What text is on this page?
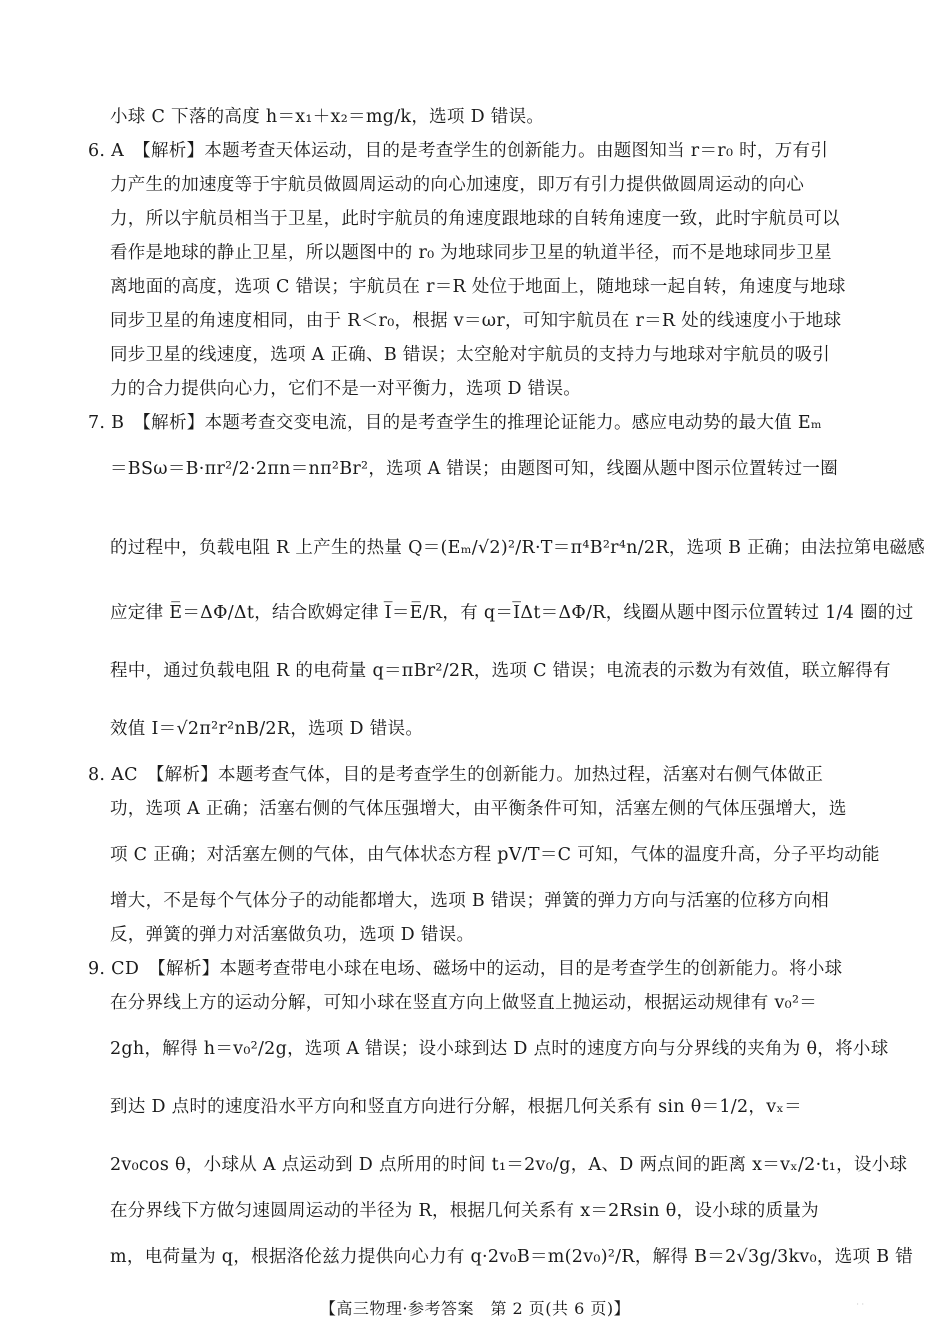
小球 C 下落的高度 h＝x₁＋x₂＝mg/k，选项 D 错误。
6. A　【解析】本题考查天体运动，目的是考查学生的创新能力。由题图知当 r＝r₀ 时，万有引
力产生的加速度等于宇航员做圆周运动的向心加速度，即万有引力提供做圆周运动的向心
力，所以宇航员相当于卫星，此时宇航员的角速度跟地球的自转角速度一致，此时宇航员可以
看作是地球的静止卫星，所以题图中的 r₀ 为地球同步卫星的轨道半径，而不是地球同步卫星
离地面的高度，选项 C 错误；宇航员在 r＝R 处位于地面上，随地球一起自转，角速度与地球
同步卫星的角速度相同，由于 R＜r₀，根据 v＝ωr，可知宇航员在 r＝R 处的线速度小于地球
同步卫星的线速度，选项 A 正确、B 错误；太空舱对宇航员的支持力与地球对宇航员的吸引
力的合力提供向心力，它们不是一对平衡力，选项 D 错误。
7. B　【解析】本题考查交变电流，目的是考查学生的推理论证能力。感应电动势的最大值 Eₘ
＝BSω＝B·πr²/2·2πn＝nπ²Br²，选项 A 错误；由题图可知，线圈从题中图示位置转过一圈
的过程中，负载电阻 R 上产生的热量 Q＝(Eₘ/√2)²/R·T＝π⁴B²r⁴n/2R，选项 B 正确；由法拉第电磁感
应定律 E̅＝ΔΦ/Δt，结合欧姆定律 I̅＝E̅/R，有 q＝I̅Δt＝ΔΦ/R，线圈从题中图示位置转过 1/4 圈的过
程中，通过负载电阻 R 的电荷量 q＝πBr²/2R，选项 C 错误；电流表的示数为有效值，联立解得有
效值 I＝√2π²r²nB/2R，选项 D 错误。
8. AC　【解析】本题考查气体，目的是考查学生的创新能力。加热过程，活塞对右侧气体做正
功，选项 A 正确；活塞右侧的气体压强增大，由平衡条件可知，活塞左侧的气体压强增大，选
项 C 正确；对活塞左侧的气体，由气体状态方程 pV/T＝C 可知，气体的温度升高，分子平均动能
增大，不是每个气体分子的动能都增大，选项 B 错误；弹簧的弹力方向与活塞的位移方向相
反，弹簧的弹力对活塞做负功，选项 D 错误。
9. CD　【解析】本题考查带电小球在电场、磁场中的运动，目的是考查学生的创新能力。将小球
在分界线上方的运动分解，可知小球在竖直方向上做竖直上抛运动，根据运动规律有 v₀²＝
2gh，解得 h＝v₀²/2g，选项 A 错误；设小球到达 D 点时的速度方向与分界线的夹角为 θ，将小球
到达 D 点时的速度沿水平方向和竖直方向进行分解，根据几何关系有 sin θ＝1/2，vₓ＝
2v₀cos θ，小球从 A 点运动到 D 点所用的时间 t₁＝2v₀/g，A、D 两点间的距离 x＝vₓ/2·t₁，设小球
在分界线下方做匀速圆周运动的半径为 R，根据几何关系有 x＝2Rsin θ，设小球的质量为
m，电荷量为 q，根据洛伦兹力提供向心力有 q·2v₀B＝m(2v₀)²/R，解得 B＝2√3g/3kv₀，选项 B 错
【高三物理·参考答案　第 2 页(共 6 页)】	· ·
